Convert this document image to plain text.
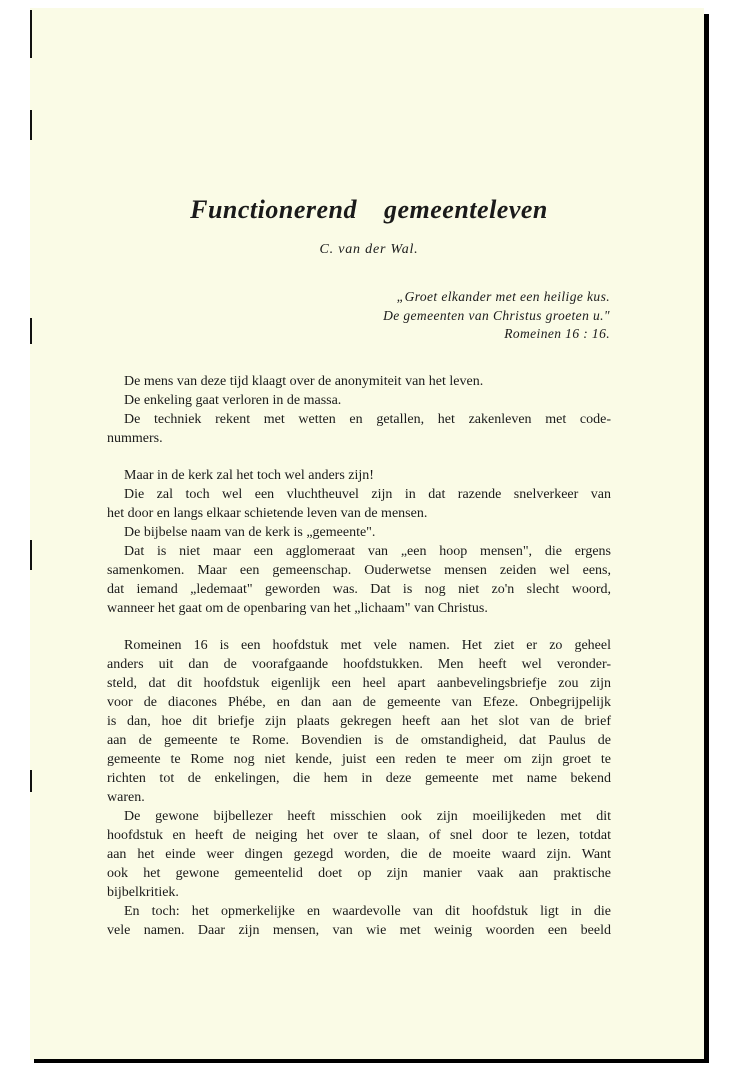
Functionerend gemeenteleven
C. van der Wal.
„Groet elkander met een heilige kus.
De gemeenten van Christus groeten u."
Romeinen 16 : 16.
De mens van deze tijd klaagt over de anonymiteit van het leven.
De enkeling gaat verloren in de massa.
De techniek rekent met wetten en getallen, het zakenleven met code-
nummers.
Maar in de kerk zal het toch wel anders zijn!
Die zal toch wel een vluchtheuvel zijn in dat razende snelverkeer van
het door en langs elkaar schietende leven van de mensen.
De bijbelse naam van de kerk is „gemeente".
Dat is niet maar een agglomeraat van „een hoop mensen", die ergens
samenkomen. Maar een gemeenschap. Ouderwetse mensen zeiden wel eens,
dat iemand „ledemaat" geworden was. Dat is nog niet zo'n slecht woord,
wanneer het gaat om de openbaring van het „lichaam" van Christus.
Romeinen 16 is een hoofdstuk met vele namen. Het ziet er zo geheel
anders uit dan de voorafgaande hoofdstukken. Men heeft wel veronder-
steld, dat dit hoofdstuk eigenlijk een heel apart aanbevelingsbriefje zou zijn
voor de diacones Phébe, en dan aan de gemeente van Efeze. Onbegrijpelijk
is dan, hoe dit briefje zijn plaats gekregen heeft aan het slot van de brief
aan de gemeente te Rome. Bovendien is de omstandigheid, dat Paulus de
gemeente te Rome nog niet kende, juist een reden te meer om zijn groet te
richten tot de enkelingen, die hem in deze gemeente met name bekend
waren.
De gewone bijbellezer heeft misschien ook zijn moeilijkeden met dit
hoofdstuk en heeft de neiging het over te slaan, of snel door te lezen, totdat
aan het einde weer dingen gezegd worden, die de moeite waard zijn. Want
ook het gewone gemeentelid doet op zijn manier vaak aan praktische
bijbelkritiek.
En toch: het opmerkelijke en waardevolle van dit hoofdstuk ligt in die
vele namen. Daar zijn mensen, van wie met weinig woorden een beeld
